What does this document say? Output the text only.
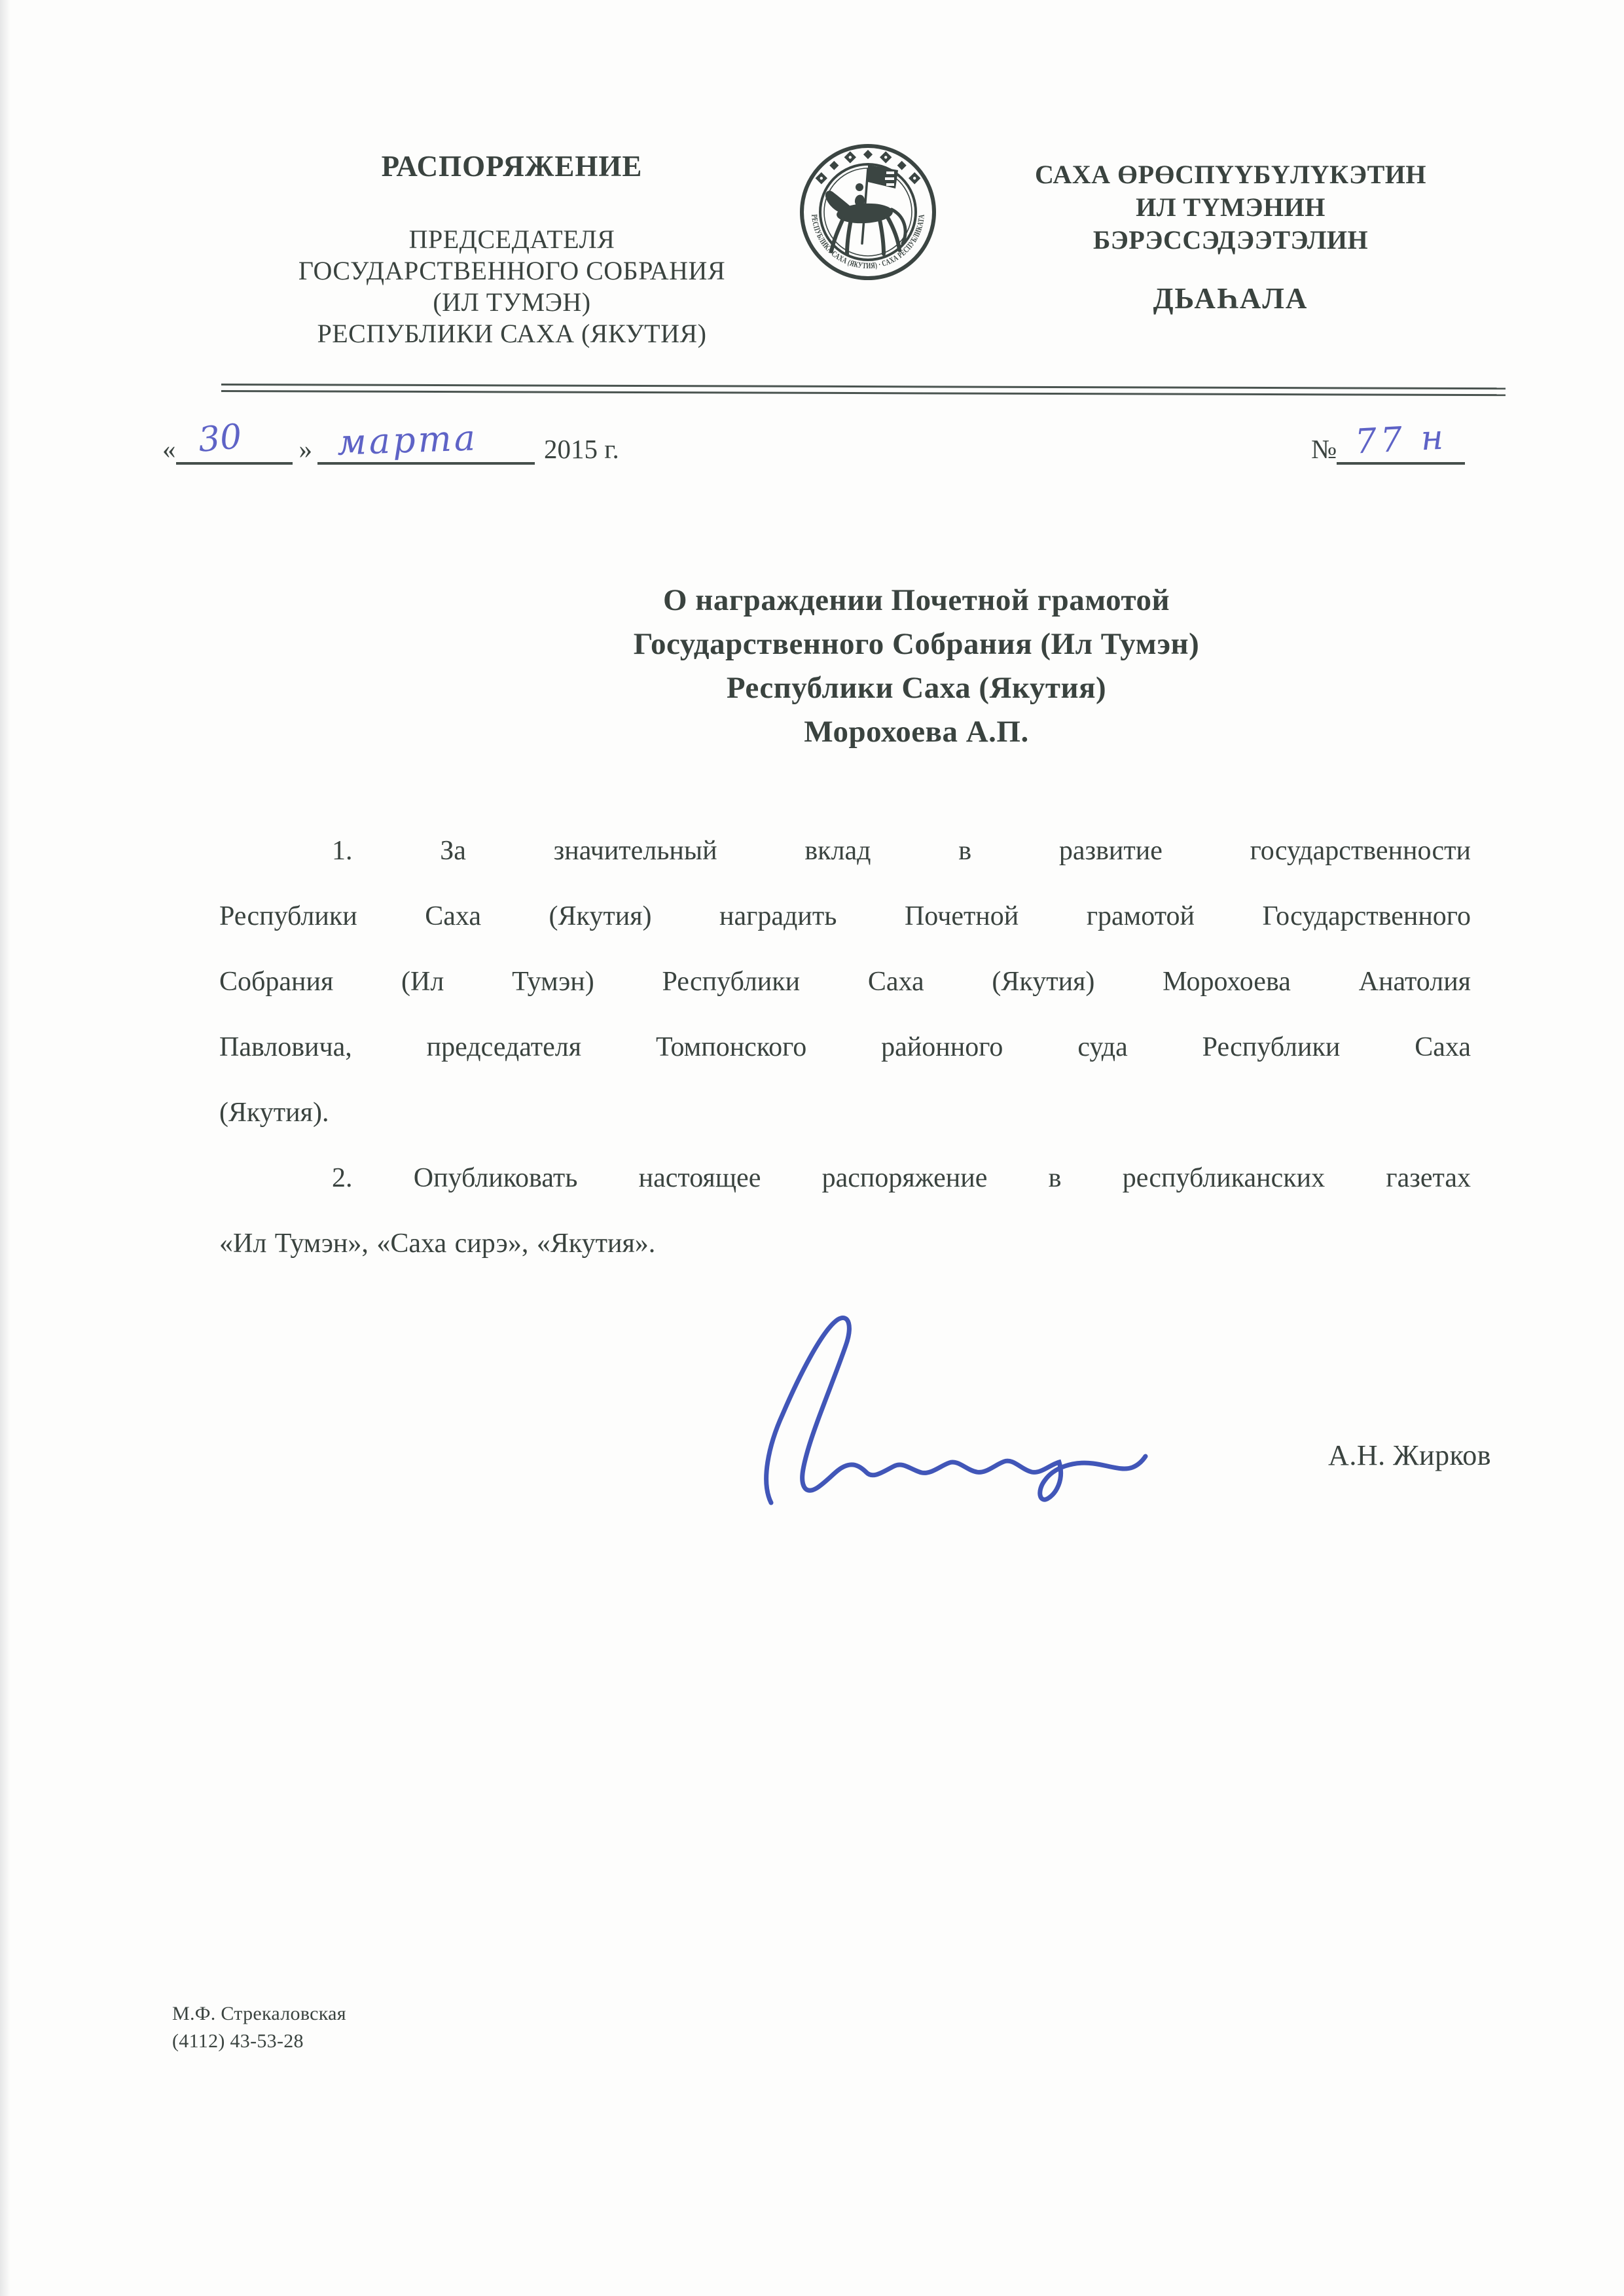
РАСПОРЯЖЕНИЕ
ПРЕДСЕДАТЕЛЯ
ГОСУДАРСТВЕННОГО СОБРАНИЯ
(ИЛ ТУМЭН)
РЕСПУБЛИКИ САХА (ЯКУТИЯ)
РЕСПУБЛИКА САХА (ЯКУТИЯ) · САХА РЕСПУБЛИКАТА
САХА ӨРӨСПҮҮБҮЛҮКЭТИН
ИЛ ТҮМЭНИН
БЭРЭССЭДЭЭТЭЛИН
ДЬАҺАЛА
« 30 » марта 2015 г.	№ 77 н
О награждении Почетной грамотой
Государственного Собрания (Ил Тумэн)
Республики Саха (Якутия)
Морохоева А.П.
1. За значительный вклад в развитие государственности
Республики Саха (Якутия) наградить Почетной грамотой Государственного
Собрания (Ил Тумэн) Республики Саха (Якутия) Морохоева Анатолия
Павловича, председателя Томпонского районного суда Республики Саха
(Якутия).
2. Опубликовать настоящее распоряжение в республиканских газетах
«Ил Тумэн», «Саха сирэ», «Якутия».
А.Н. Жирков
М.Ф. Стрекаловская
(4112) 43-53-28
